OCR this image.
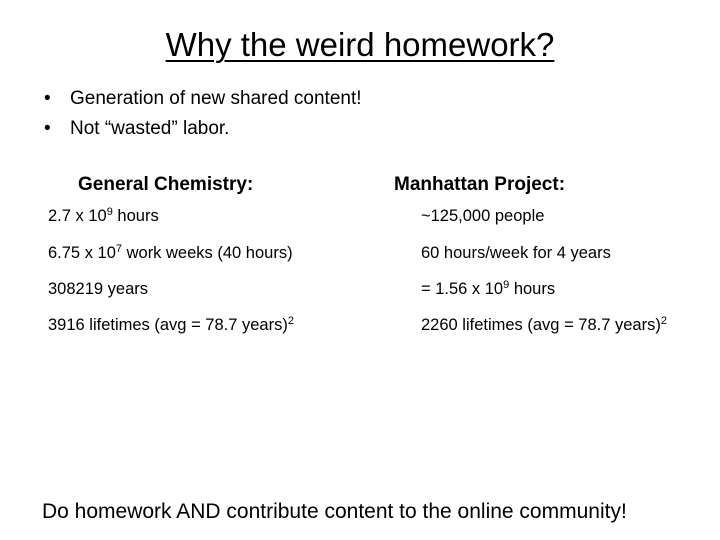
Why the weird homework?
• Generation of new shared content!
• Not “wasted” labor.
General Chemistry:	Manhattan Project:
2.7 x $10^9$ hours
6.75 x $10^7$ work weeks (40 hours)
308219 years
3916 lifetimes (avg = 78.7 years)$^2$
~125,000 people
60 hours/week for 4 years
= 1.56 x $10^9$ hours
2260 lifetimes (avg = 78.7 years)$^2$
Do homework AND contribute content to the online community!
